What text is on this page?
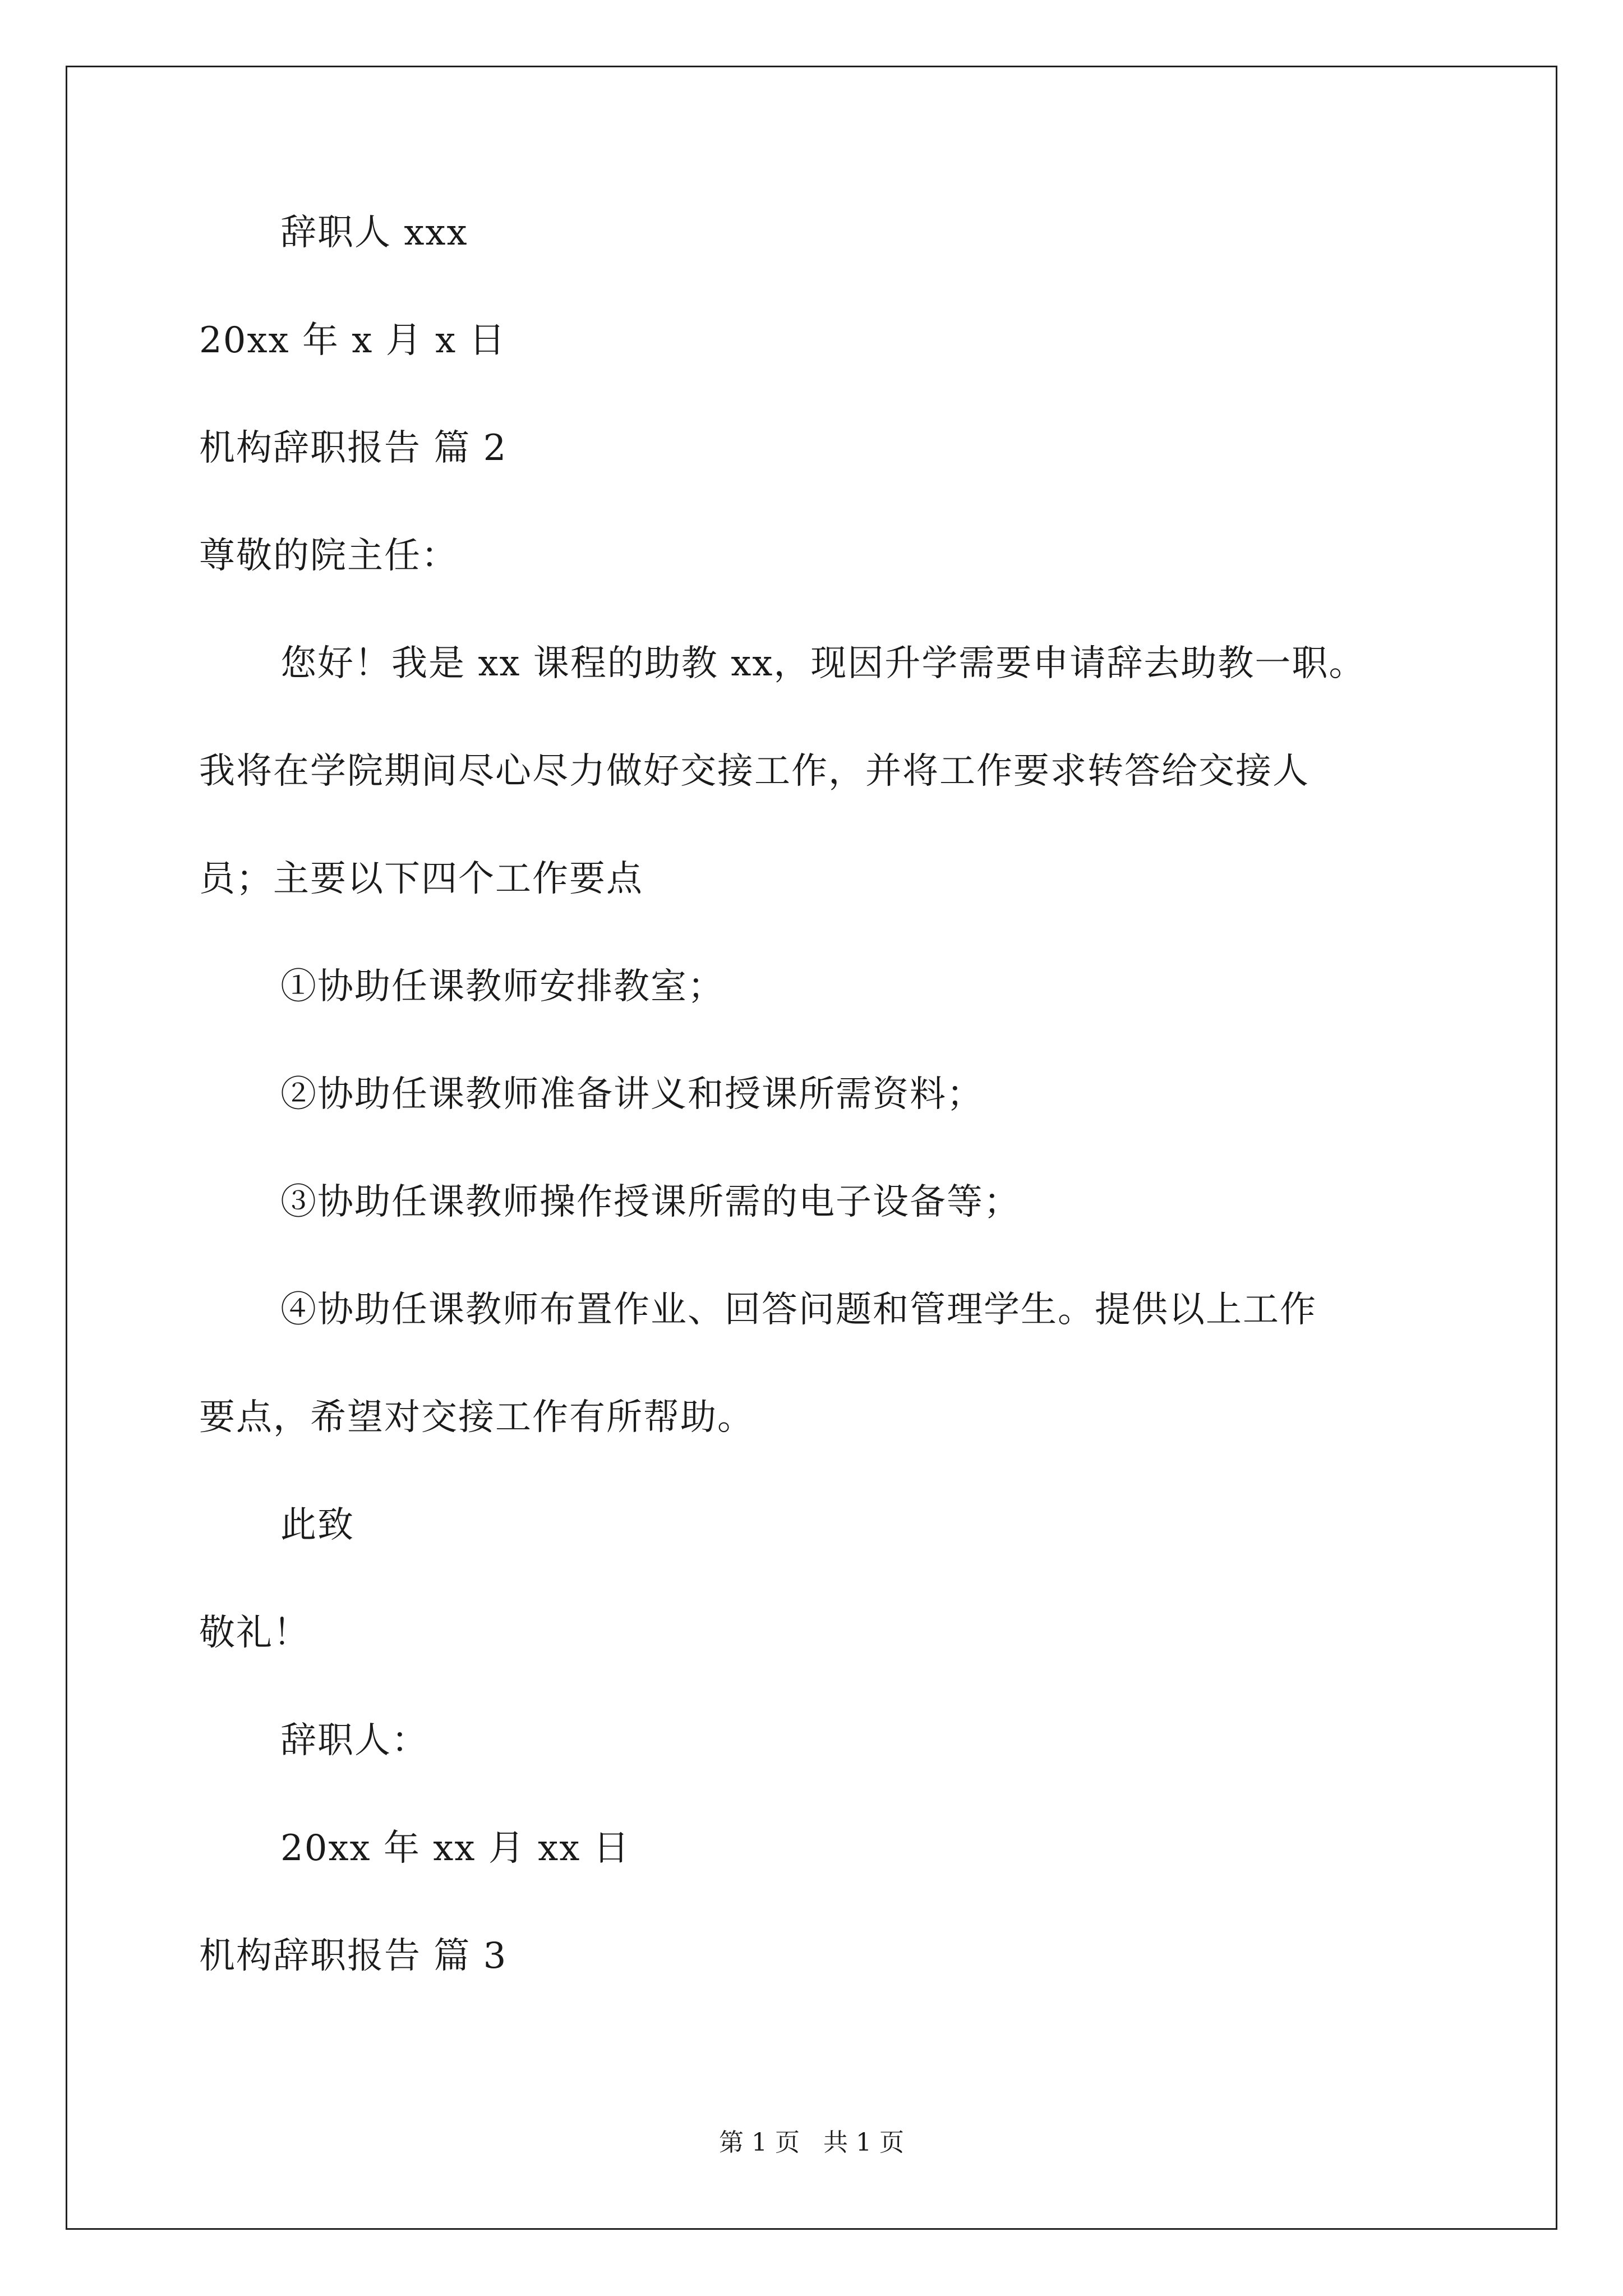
辞职人 xxx
20xx 年 x 月 x 日
机构辞职报告 篇 2
尊敬的院主任：
您好！我是 xx 课程的助教 xx，现因升学需要申请辞去助教一职。
我将在学院期间尽心尽力做好交接工作，并将工作要求转答给交接人
员；主要以下四个工作要点
①协助任课教师安排教室；
②协助任课教师准备讲义和授课所需资料；
③协助任课教师操作授课所需的电子设备等；
④协助任课教师布置作业、回答问题和管理学生。提供以上工作
要点，希望对交接工作有所帮助。
此致
敬礼！
辞职人：
20xx 年 xx 月 xx 日
机构辞职报告 篇 3
第 1 页   共 1 页
